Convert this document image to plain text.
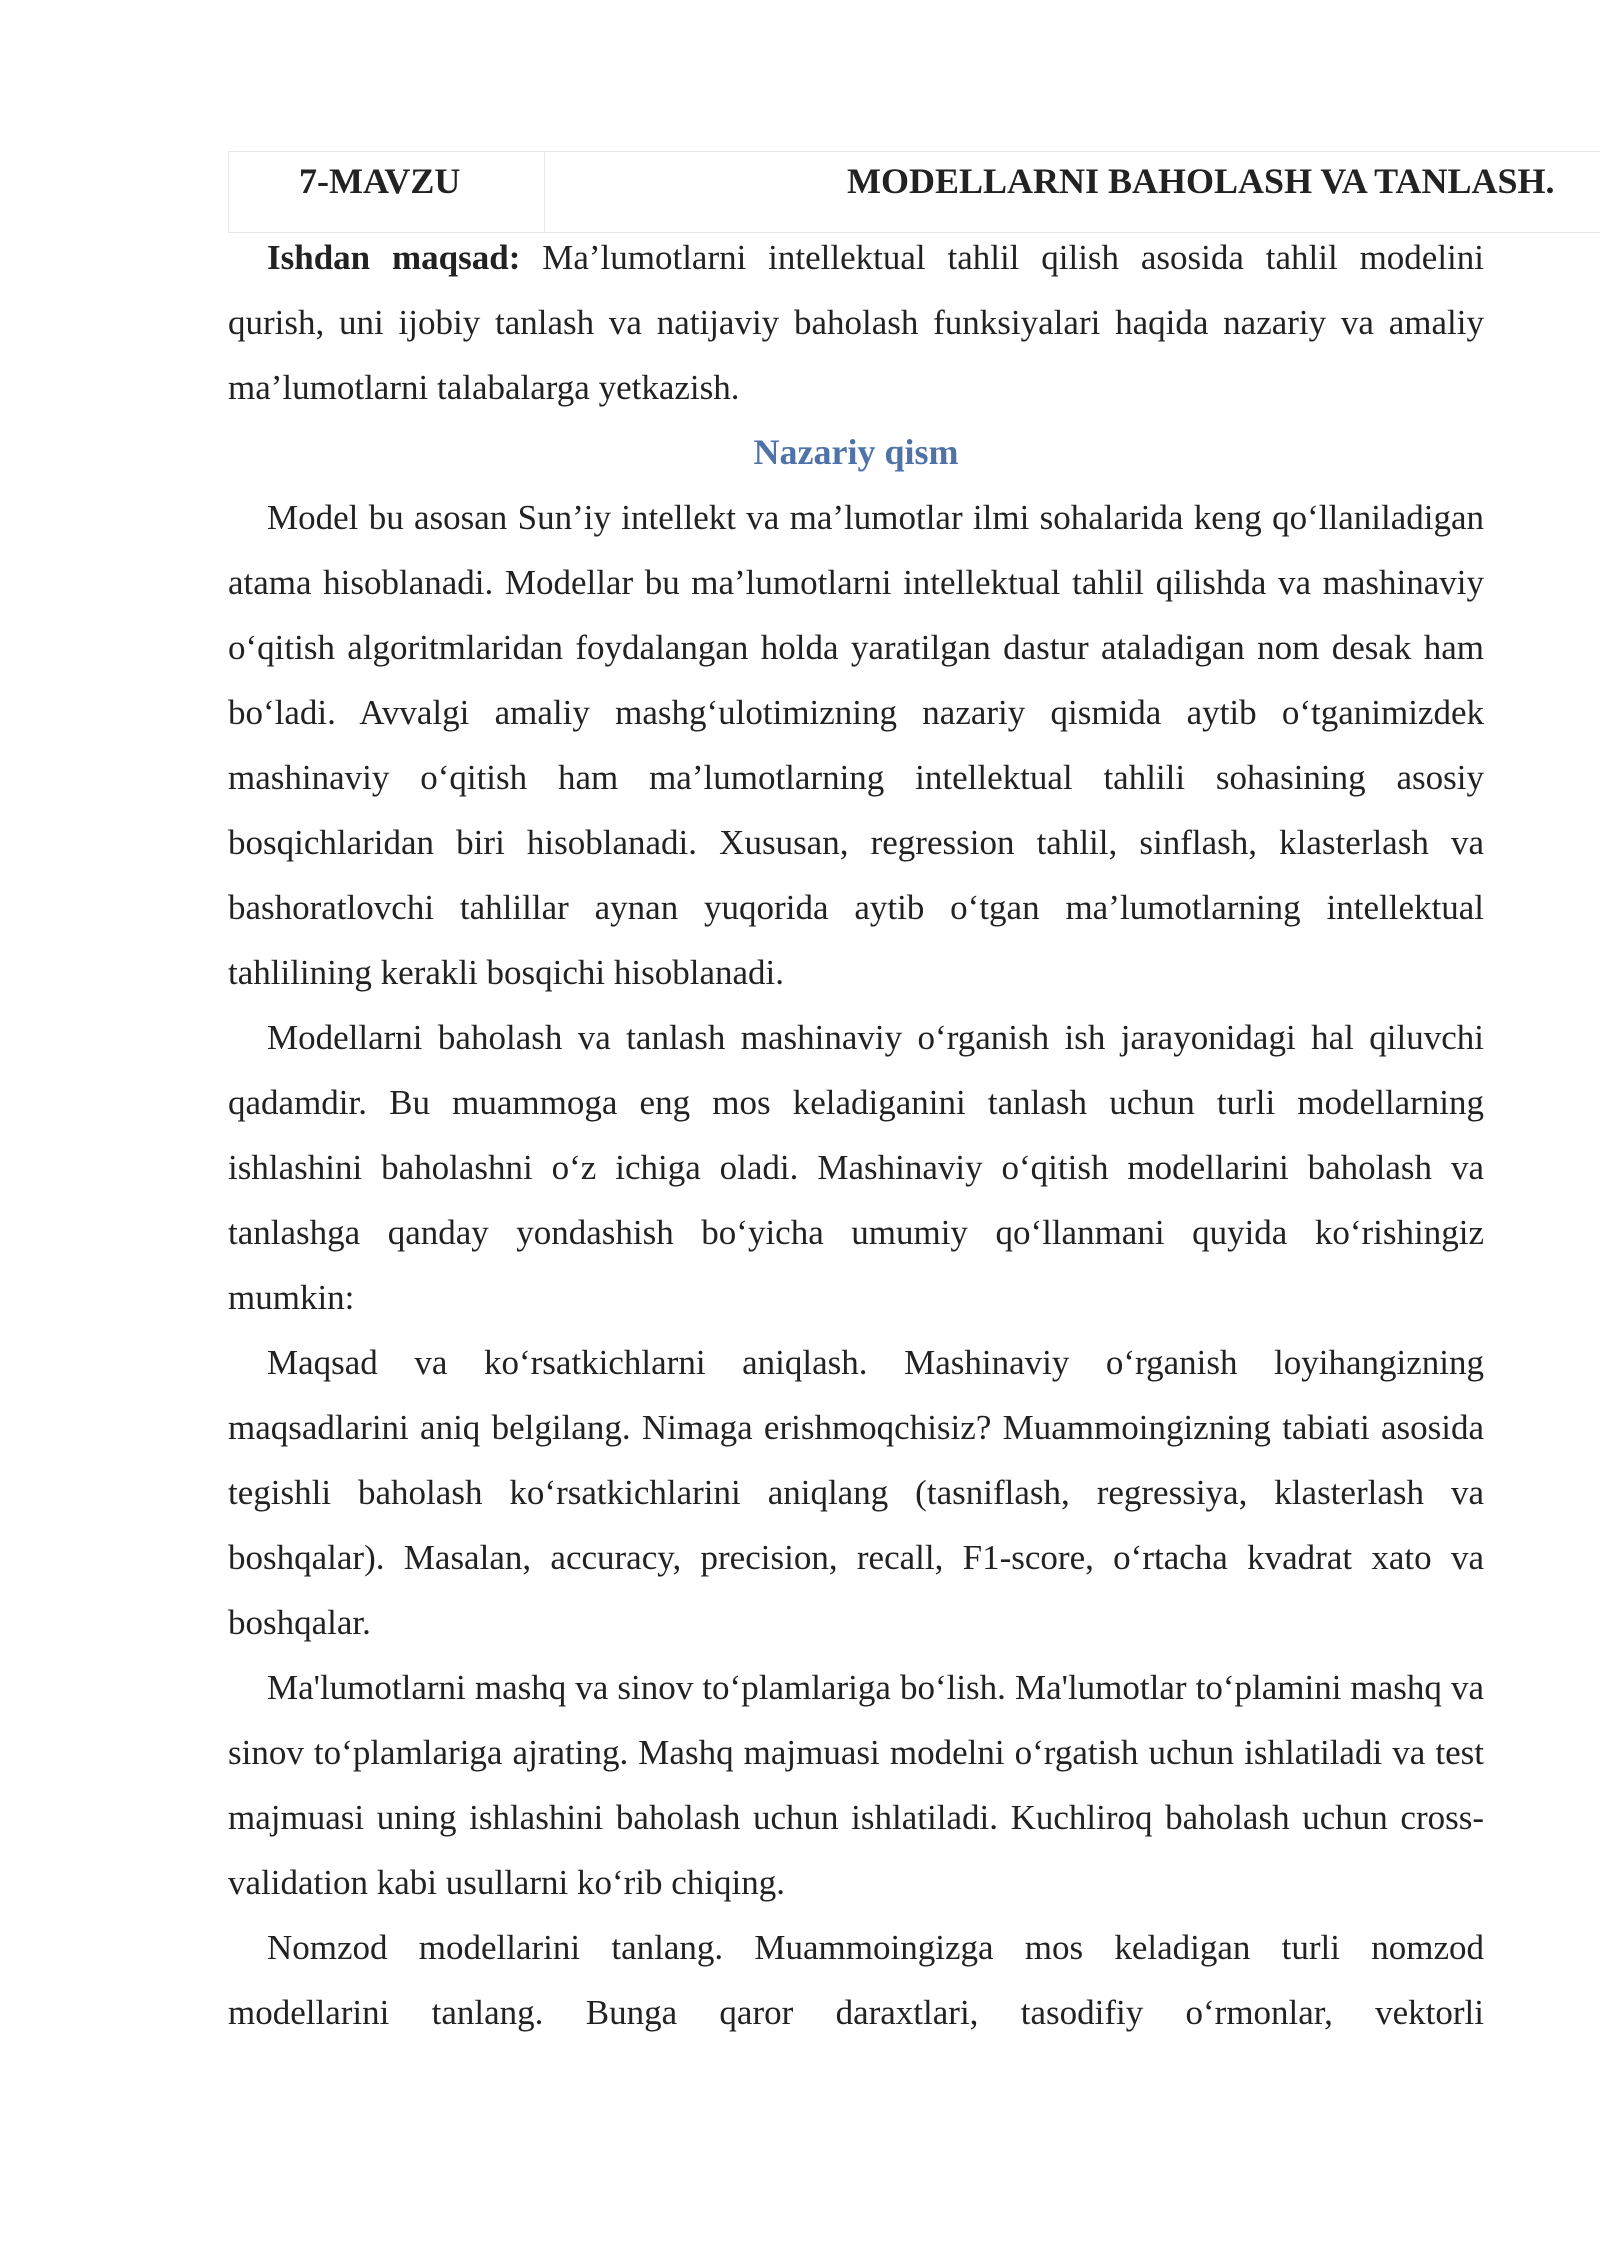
7-MAVZU	MODELLARNI BAHOLASH VA TANLASH.

Ishdan maqsad: Ma’lumotlarni intellektual tahlil qilish asosida tahlil modelini qurish, uni ijobiy tanlash va natijaviy baholash funksiyalari haqida nazariy va amaliy ma’lumotlarni talabalarga yetkazish.

Nazariy qism

Model bu asosan Sun’iy intellekt va ma’lumotlar ilmi sohalarida keng qo‘llaniladigan atama hisoblanadi. Modellar bu ma’lumotlarni intellektual tahlil qilishda va mashinaviy o‘qitish algoritmlaridan foydalangan holda yaratilgan dastur ataladigan nom desak ham bo‘ladi. Avvalgi amaliy mashg‘ulotimizning nazariy qismida aytib o‘tganimizdek mashinaviy o‘qitish ham ma’lumotlarning intellektual tahlili sohasining asosiy bosqichlaridan biri hisoblanadi. Xususan, regression tahlil, sinflash, klasterlash va bashoratlovchi tahlillar aynan yuqorida aytib o‘tgan ma’lumotlarning intellektual tahlilining kerakli bosqichi hisoblanadi.

Modellarni baholash va tanlash mashinaviy o‘rganish ish jarayonidagi hal qiluvchi qadamdir. Bu muammoga eng mos keladiganini tanlash uchun turli modellarning ishlashini baholashni o‘z ichiga oladi. Mashinaviy o‘qitish modellarini baholash va tanlashga qanday yondashish bo‘yicha umumiy qo‘llanmani quyida ko‘rishingiz mumkin:

Maqsad va ko‘rsatkichlarni aniqlash. Mashinaviy o‘rganish loyihangizning maqsadlarini aniq belgilang. Nimaga erishmoqchisiz? Muammoingizning tabiati asosida tegishli baholash ko‘rsatkichlarini aniqlang (tasniflash, regressiya, klasterlash va boshqalar). Masalan, accuracy, precision, recall, F1-score, o‘rtacha kvadrat xato va boshqalar.

Ma'lumotlarni mashq va sinov to‘plamlariga bo‘lish. Ma'lumotlar to‘plamini mashq va sinov to‘plamlariga ajrating. Mashq majmuasi modelni o‘rgatish uchun ishlatiladi va test majmuasi uning ishlashini baholash uchun ishlatiladi. Kuchliroq baholash uchun cross-validation kabi usullarni ko‘rib chiqing.

Nomzod modellarini tanlang. Muammoingizga mos keladigan turli nomzod modellarini tanlang. Bunga qaror daraxtlari, tasodifiy o‘rmonlar, vektorli
